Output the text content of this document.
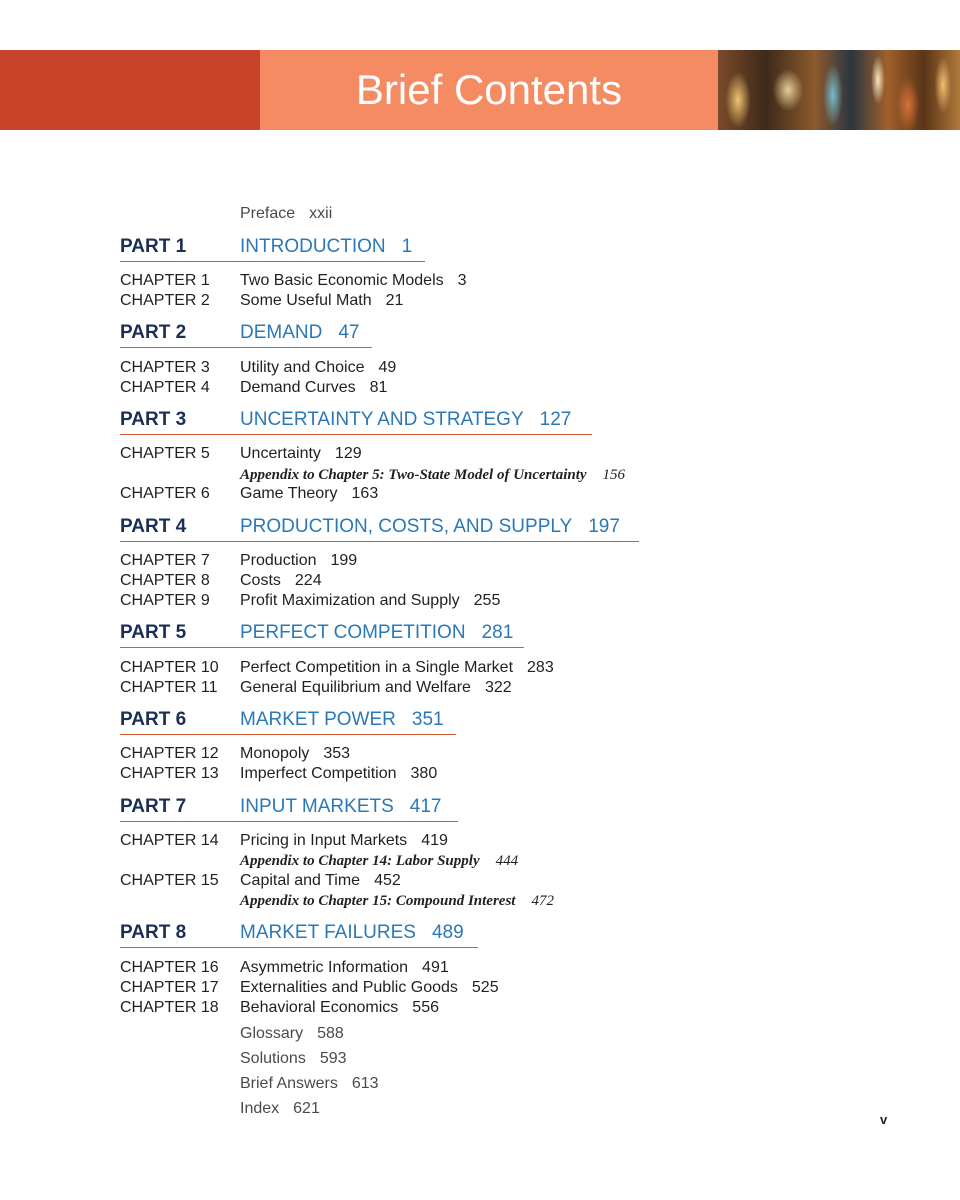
Brief Contents
Preface xxii
PART 1	INTRODUCTION 1
CHAPTER 1	Two Basic Economic Models 3
CHAPTER 2	Some Useful Math 21
PART 2	DEMAND 47
CHAPTER 3	Utility and Choice 49
CHAPTER 4	Demand Curves 81
PART 3	UNCERTAINTY AND STRATEGY 127
CHAPTER 5	Uncertainty 129
Appendix to Chapter 5: Two-State Model of Uncertainty 156
CHAPTER 6	Game Theory 163
PART 4	PRODUCTION, COSTS, AND SUPPLY 197
CHAPTER 7	Production 199
CHAPTER 8	Costs 224
CHAPTER 9	Profit Maximization and Supply 255
PART 5	PERFECT COMPETITION 281
CHAPTER 10	Perfect Competition in a Single Market 283
CHAPTER 11	General Equilibrium and Welfare 322
PART 6	MARKET POWER 351
CHAPTER 12	Monopoly 353
CHAPTER 13	Imperfect Competition 380
PART 7	INPUT MARKETS 417
CHAPTER 14	Pricing in Input Markets 419
Appendix to Chapter 14: Labor Supply 444
CHAPTER 15	Capital and Time 452
Appendix to Chapter 15: Compound Interest 472
PART 8	MARKET FAILURES 489
CHAPTER 16	Asymmetric Information 491
CHAPTER 17	Externalities and Public Goods 525
CHAPTER 18	Behavioral Economics 556
Glossary 588
Solutions 593
Brief Answers 613
Index 621
v
